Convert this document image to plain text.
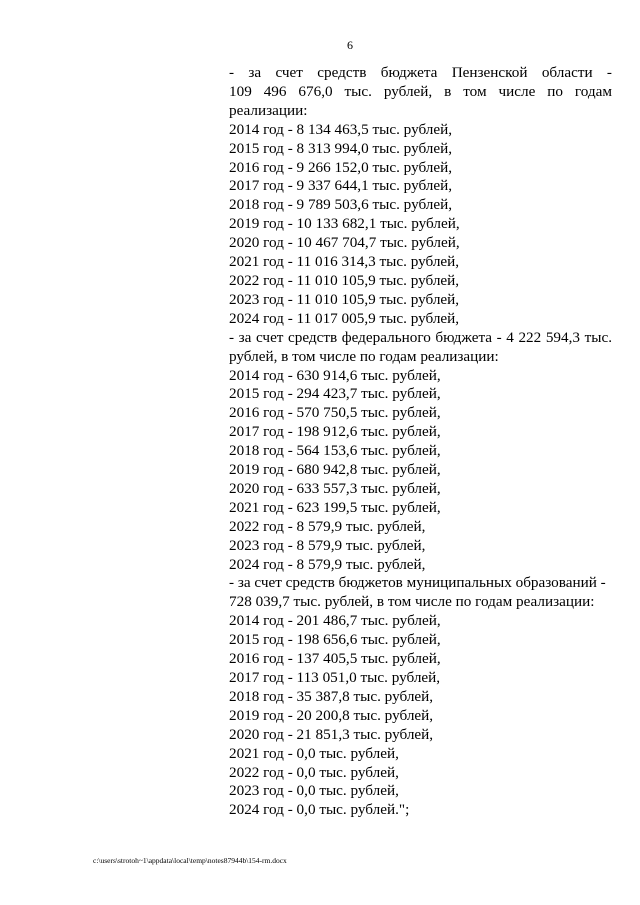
6
- за счет средств бюджета Пензенской области -
109 496 676,0 тыс. рублей, в том числе по годам
реализации:
2014 год - 8 134 463,5 тыс. рублей,
2015 год - 8 313 994,0 тыс. рублей,
2016 год - 9 266 152,0 тыс. рублей,
2017 год - 9 337 644,1 тыс. рублей,
2018 год - 9 789 503,6 тыс. рублей,
2019 год - 10 133 682,1 тыс. рублей,
2020 год - 10 467 704,7 тыс. рублей,
2021 год - 11 016 314,3 тыс. рублей,
2022 год - 11 010 105,9 тыс. рублей,
2023 год - 11 010 105,9 тыс. рублей,
2024 год - 11 017 005,9 тыс. рублей,
- за счет средств федерального бюджета - 4 222 594,3 тыс.
рублей, в том числе по годам реализации:
2014 год - 630 914,6 тыс. рублей,
2015 год - 294 423,7 тыс. рублей,
2016 год - 570 750,5 тыс. рублей,
2017 год - 198 912,6 тыс. рублей,
2018 год - 564 153,6 тыс. рублей,
2019 год - 680 942,8 тыс. рублей,
2020 год - 633 557,3 тыс. рублей,
2021 год - 623 199,5 тыс. рублей,
2022 год - 8 579,9 тыс. рублей,
2023 год - 8 579,9 тыс. рублей,
2024 год - 8 579,9 тыс. рублей,
- за счет средств бюджетов муниципальных образований -
728 039,7 тыс. рублей, в том числе по годам реализации:
2014 год - 201 486,7 тыс. рублей,
2015 год - 198 656,6 тыс. рублей,
2016 год - 137 405,5 тыс. рублей,
2017 год - 113 051,0 тыс. рублей,
2018 год - 35 387,8 тыс. рублей,
2019 год - 20 200,8 тыс. рублей,
2020 год - 21 851,3 тыс. рублей,
2021 год - 0,0 тыс. рублей,
2022 год - 0,0 тыс. рублей,
2023 год - 0,0 тыс. рублей,
2024 год - 0,0 тыс. рублей.";
c:\users\strotoh~1\appdata\local\temp\notes87944b\154-rm.docx
